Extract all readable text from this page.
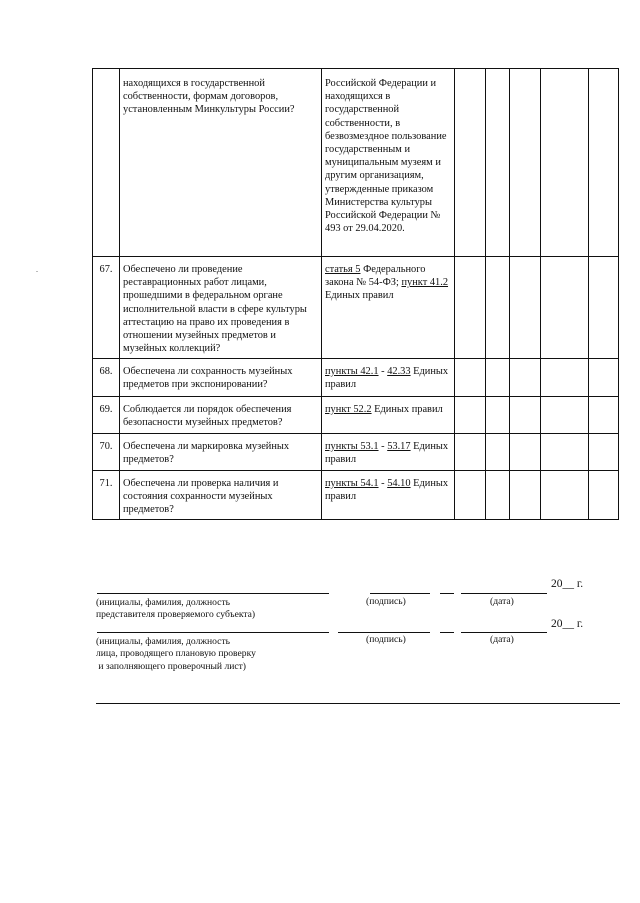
	находящихся в государственной собственности, формам договоров, установленным Минкультуры России?	Российской Федерации и находящихся в государственной собственности, в безвозмездное пользование государственным и муниципальным музеям и другим организациям, утвержденные приказом Министерства культуры Российской Федерации № 493 от 29.04.2020.					
67.	Обеспечено ли проведение реставрационных работ лицами, прошедшими в федеральном органе исполнительной власти в сфере культуры аттестацию на право их проведения в отношении музейных предметов и музейных коллекций?	статья 5 Федерального закона № 54-ФЗ; пункт 41.2 Единых правил					
68.	Обеспечена ли сохранность музейных предметов при экспонировании?	пункты 42.1 - 42.33 Единых правил					
69.	Соблюдается ли порядок обеспечения безопасности музейных предметов?	пункт 52.2 Единых правил					
70.	Обеспечена ли маркировка музейных предметов?	пункты 53.1 - 53.17 Единых правил					
71.	Обеспечена ли проверка наличия и состояния сохранности музейных предметов?	пункты 54.1 - 54.10 Единых правил					
20__ г.
(инициалы, фамилия, должность
представителя проверяемого субъекта)
(подпись)	(дата)
20__ г.
(инициалы, фамилия, должность
лица, проводящего плановую проверку
и заполняющего проверочный лист)
(подпись)	(дата)
